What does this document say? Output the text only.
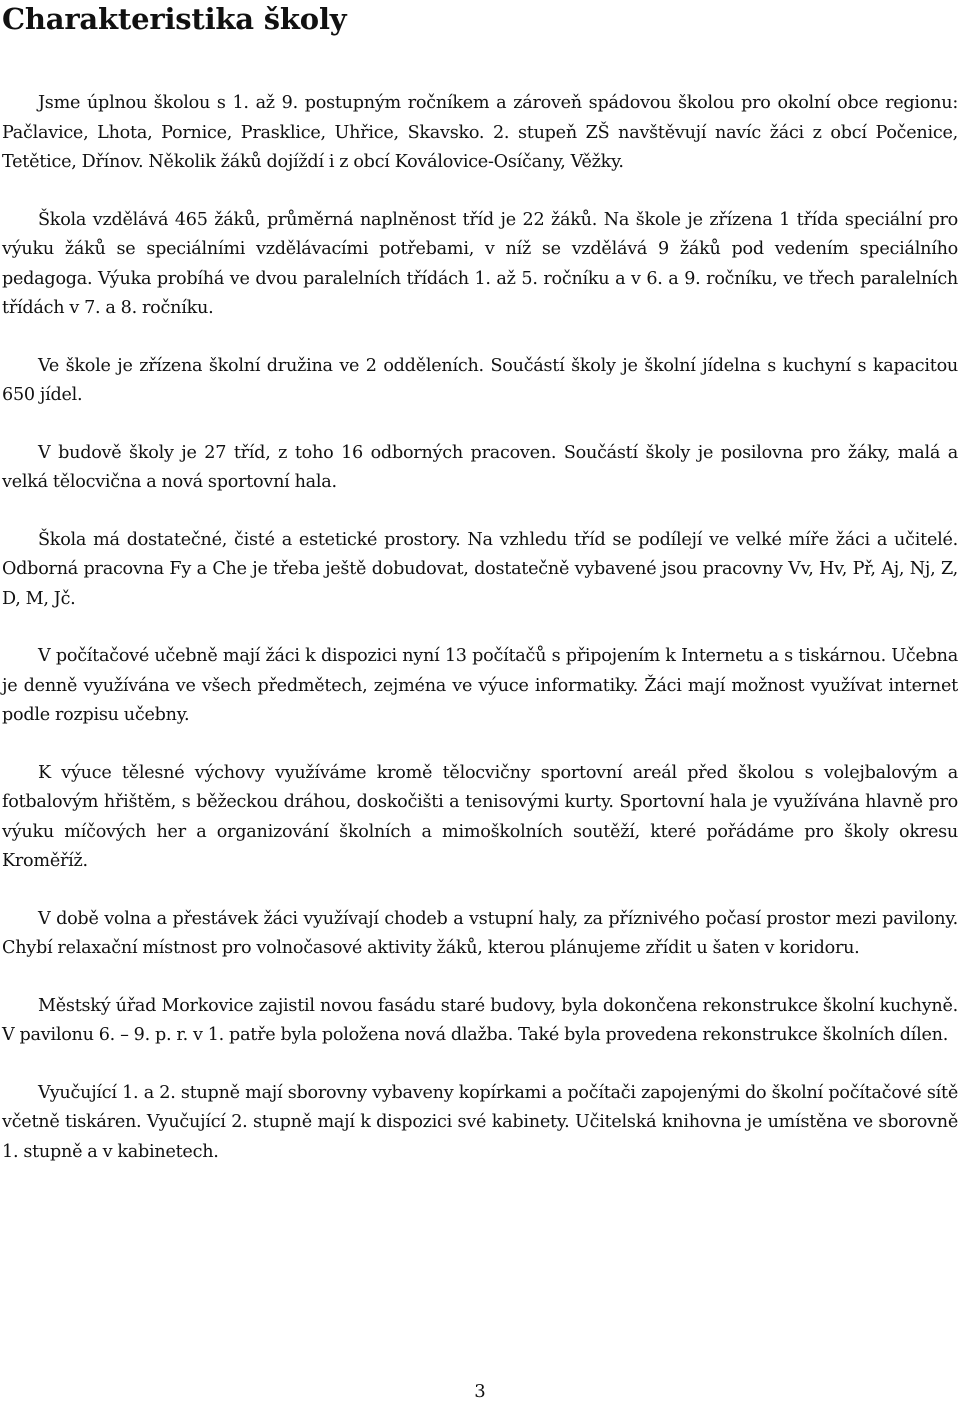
Charakteristika školy

Jsme úplnou školou s 1. až 9. postupným ročníkem a zároveň spádovou školou pro okolní obce regionu: Pačlavice, Lhota, Pornice, Prasklice, Uhřice, Skavsko. 2. stupeň ZŠ navštěvují navíc žáci z obcí Počenice, Tetětice, Dřínov. Několik žáků dojíždí i z obcí Koválovice-Osíčany, Věžky.

Škola vzdělává 465 žáků, průměrná naplněnost tříd je 22 žáků. Na škole je zřízena 1 třída speciální pro výuku žáků se speciálními vzdělávacími potřebami, v níž se vzdělává 9 žáků pod vedením speciálního pedagoga. Výuka probíhá ve dvou paralelních třídách 1. až 5. ročníku a v 6. a 9. ročníku, ve třech paralelních třídách v 7. a 8. ročníku.

Ve škole je zřízena školní družina ve 2 odděleních. Součástí školy je školní jídelna s kuchyní s kapacitou 650 jídel.

V budově školy je 27 tříd, z toho 16 odborných pracoven. Součástí školy je posilovna pro žáky, malá a velká tělocvična a nová sportovní hala.

Škola má dostatečné, čisté a estetické prostory. Na vzhledu tříd se podílejí ve velké míře žáci a učitelé. Odborná pracovna Fy a Che je třeba ještě dobudovat, dostatečně vybavené jsou pracovny Vv, Hv, Př, Aj, Nj, Z, D, M, Jč.

V počítačové učebně mají žáci k dispozici nyní 13 počítačů s připojením k Internetu a s tiskárnou. Učebna je denně využívána ve všech předmětech, zejména ve výuce informatiky. Žáci mají možnost využívat internet podle rozpisu učebny.

K výuce tělesné výchovy využíváme kromě tělocvičny sportovní areál před školou s volejbalovým a fotbalovým hřištěm, s běžeckou dráhou, doskočišti a tenisovými kurty. Sportovní hala je využívána hlavně pro výuku míčových her a organizování školních a mimoškolních soutěží, které pořádáme pro školy okresu Kroměříž.

V době volna a přestávek žáci využívají chodeb a vstupní haly, za příznivého počasí prostor mezi pavilony. Chybí relaxační místnost pro volnočasové aktivity žáků, kterou plánujeme zřídit u šaten v koridoru.

Městský úřad Morkovice zajistil novou fasádu staré budovy, byla dokončena rekonstrukce školní kuchyně. V pavilonu 6. – 9. p. r. v 1. patře byla položena nová dlažba. Také byla provedena rekonstrukce školních dílen.

Vyučující 1. a 2. stupně mají sborovny vybaveny kopírkami a počítači zapojenými do školní počítačové sítě včetně tiskáren. Vyučující 2. stupně mají k dispozici své kabinety. Učitelská knihovna je umístěna ve sborovně 1. stupně a v kabinetech.

3
